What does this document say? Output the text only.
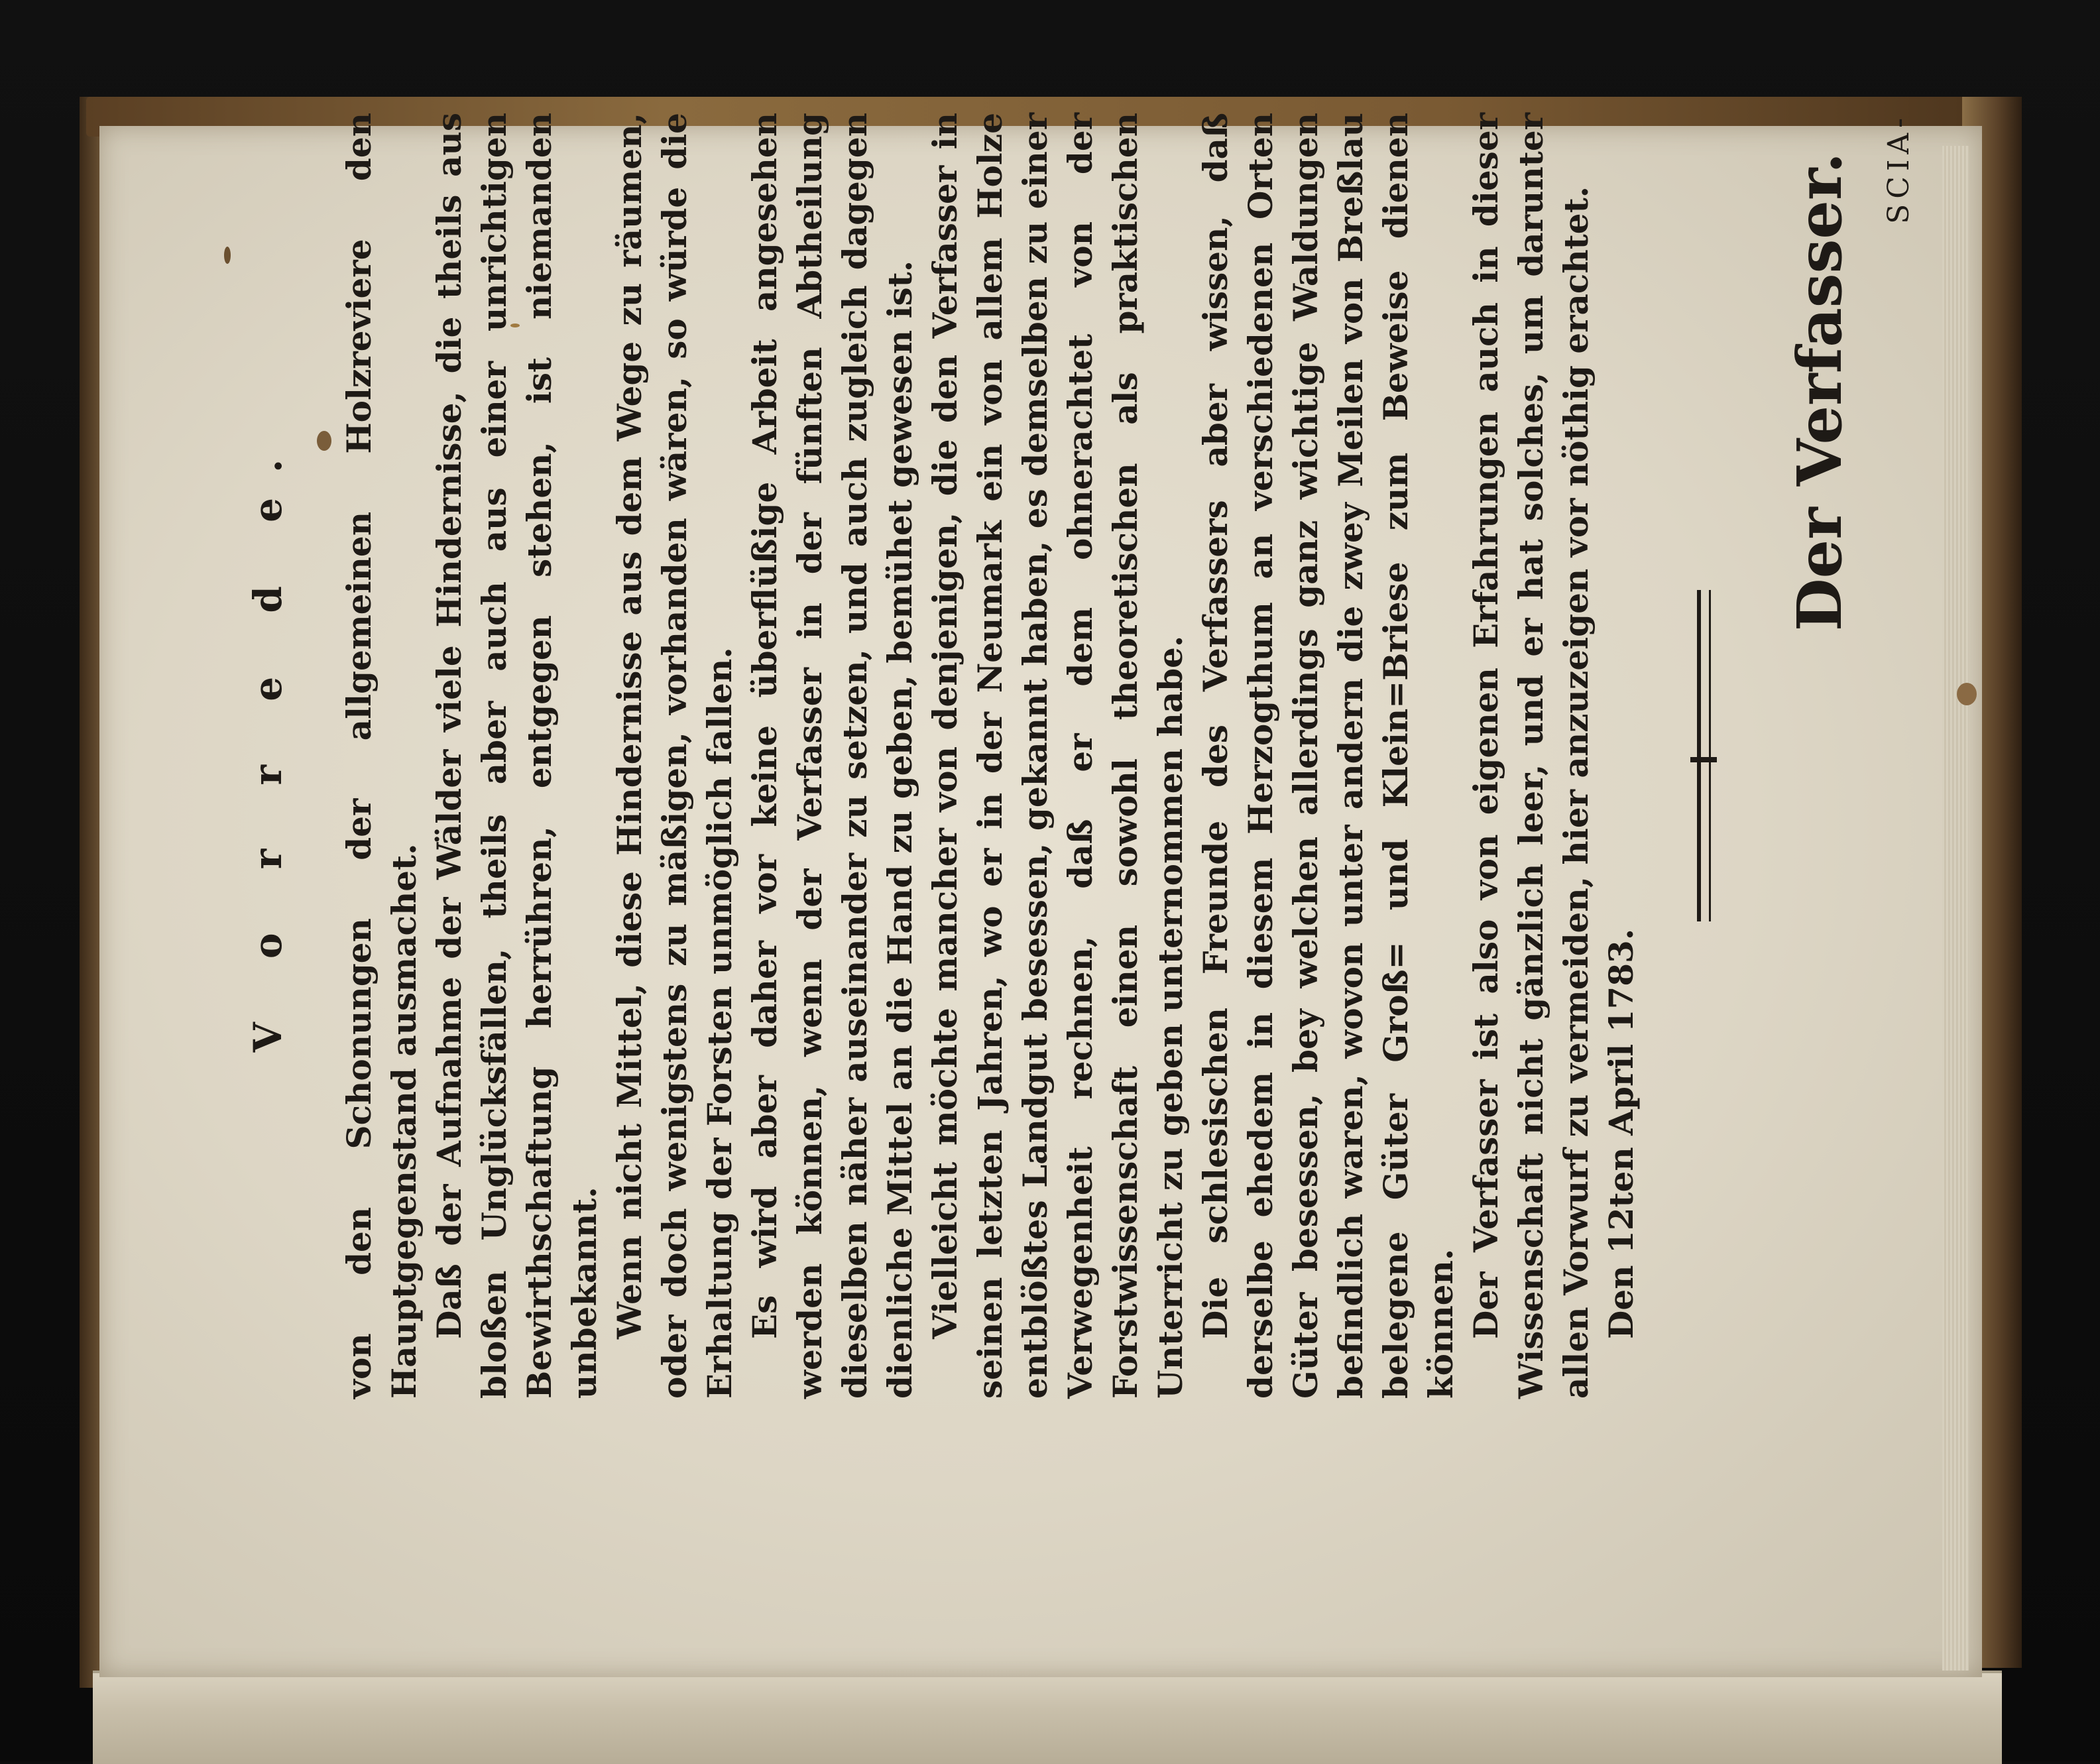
V o r r e d e. von den Schonungen der allgemeinen Holzreviere den Hauptgegenstand ausmachet. Daß der Aufnahme der Wälder viele Hindernisse, die theils aus bloßen Unglücksfällen, theils aber auch aus einer unrichtigen Bewirthschaftung herrühren, entgegen stehen, ist niemanden unbekannt. Wenn nicht Mittel, diese Hindernisse aus dem Wege zu räumen, oder doch wenigstens zu mäßigen, vorhanden wären, so würde die Erhaltung der Forsten unmöglich fallen. Es wird aber daher vor keine überflüßige Arbeit angesehen werden können, wenn der Verfasser in der fünften Abtheilung dieselben näher auseinander zu setzen, und auch zugleich dagegen dienliche Mittel an die Hand zu geben, bemühet gewesen ist. Vielleicht möchte mancher von denjenigen, die den Verfasser in seinen letzten Jahren, wo er in der Neumark ein von allem Holze entblößtes Landgut besessen, gekannt haben, es demselben zu einer Verwegenheit rechnen, daß er dem ohnerachtet von der Forstwissenschaft einen sowohl theoretischen als praktischen Unterricht zu geben unternommen habe. Die schlesischen Freunde des Verfassers aber wissen, daß derselbe ehedem in diesem Herzogthum an verschiedenen Orten Güter besessen, bey welchen allerdings ganz wichtige Waldungen befindlich waren, wovon unter andern die zwey Meilen von Breßlau belegene Güter Groß= und Klein=Briese zum Beweise dienen können. Der Verfasser ist also von eigenen Erfahrungen auch in dieser Wissenschaft nicht gänzlich leer, und er hat solches, um darunter allen Vorwurf zu vermeiden, hier anzuzeigen vor nöthig erachtet. Den 12ten April 1783.

Der Verfasser. SCIA-
